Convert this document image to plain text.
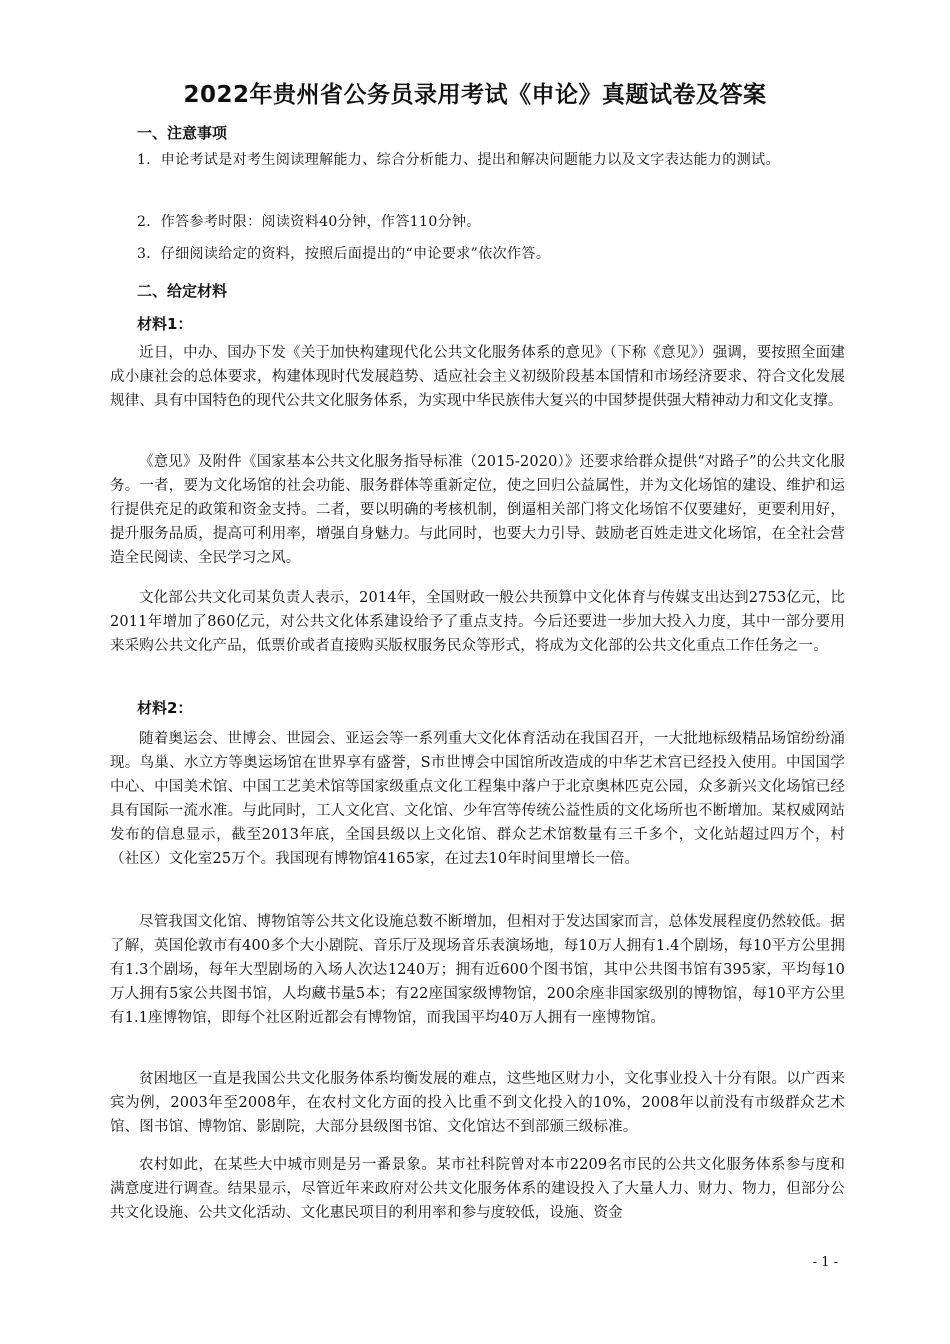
2022年贵州省公务员录用考试《申论》真题试卷及答案
一、注意事项
1．申论考试是对考生阅读理解能力、综合分析能力、提出和解决问题能力以及文字表达能力的测试。
2．作答参考时限：阅读资料40分钟，作答110分钟。
3．仔细阅读给定的资料，按照后面提出的“申论要求”依次作答。
二、给定材料
材料1：
近日，中办、国办下发《关于加快构建现代化公共文化服务体系的意见》（下称《意见》）强调，要按照全面建成小康社会的总体要求，构建体现时代发展趋势、适应社会主义初级阶段基本国情和市场经济要求、符合文化发展规律、具有中国特色的现代公共文化服务体系，为实现中华民族伟大复兴的中国梦提供强大精神动力和文化支撑。
《意见》及附件《国家基本公共文化服务指导标准（2015-2020）》还要求给群众提供“对路子”的公共文化服务。一者，要为文化场馆的社会功能、服务群体等重新定位，使之回归公益属性，并为文化场馆的建设、维护和运行提供充足的政策和资金支持。二者，要以明确的考核机制，倒逼相关部门将文化场馆不仅要建好，更要利用好，提升服务品质，提高可利用率，增强自身魅力。与此同时，也要大力引导、鼓励老百姓走进文化场馆，在全社会营造全民阅读、全民学习之风。
文化部公共文化司某负责人表示，2014年，全国财政一般公共预算中文化体育与传媒支出达到2753亿元，比2011年增加了860亿元，对公共文化体系建设给予了重点支持。今后还要进一步加大投入力度，其中一部分要用来采购公共文化产品，低票价或者直接购买版权服务民众等形式，将成为文化部的公共文化重点工作任务之一。
材料2：
随着奥运会、世博会、世园会、亚运会等一系列重大文化体育活动在我国召开，一大批地标级精品场馆纷纷涌现。鸟巢、水立方等奥运场馆在世界享有盛誉，S市世博会中国馆所改造成的中华艺术宫已经投入使用。中国国学中心、中国美术馆、中国工艺美术馆等国家级重点文化工程集中落户于北京奥林匹克公园，众多新兴文化场馆已经具有国际一流水准。与此同时，工人文化宫、文化馆、少年宫等传统公益性质的文化场所也不断增加。某权威网站发布的信息显示，截至2013年底，全国县级以上文化馆、群众艺术馆数量有三千多个，文化站超过四万个，村（社区）文化室25万个。我国现有博物馆4165家，在过去10年时间里增长一倍。
尽管我国文化馆、博物馆等公共文化设施总数不断增加，但相对于发达国家而言，总体发展程度仍然较低。据了解，英国伦敦市有400多个大小剧院、音乐厅及现场音乐表演场地，每10万人拥有1.4个剧场，每10平方公里拥有1.3个剧场，每年大型剧场的入场人次达1240万；拥有近600个图书馆，其中公共图书馆有395家，平均每10万人拥有5家公共图书馆，人均藏书量5本；有22座国家级博物馆，200余座非国家级别的博物馆，每10平方公里有1.1座博物馆，即每个社区附近都会有博物馆，而我国平均40万人拥有一座博物馆。
贫困地区一直是我国公共文化服务体系均衡发展的难点，这些地区财力小，文化事业投入十分有限。以广西来宾为例，2003年至2008年，在农村文化方面的投入比重不到文化投入的10%，2008年以前没有市级群众艺术馆、图书馆、博物馆、影剧院，大部分县级图书馆、文化馆达不到部颁三级标准。
农村如此，在某些大中城市则是另一番景象。某市社科院曾对本市2209名市民的公共文化服务体系参与度和满意度进行调查。结果显示，尽管近年来政府对公共文化服务体系的建设投入了大量人力、财力、物力，但部分公共文化设施、公共文化活动、文化惠民项目的利用率和参与度较低，设施、资金
- 1 -
